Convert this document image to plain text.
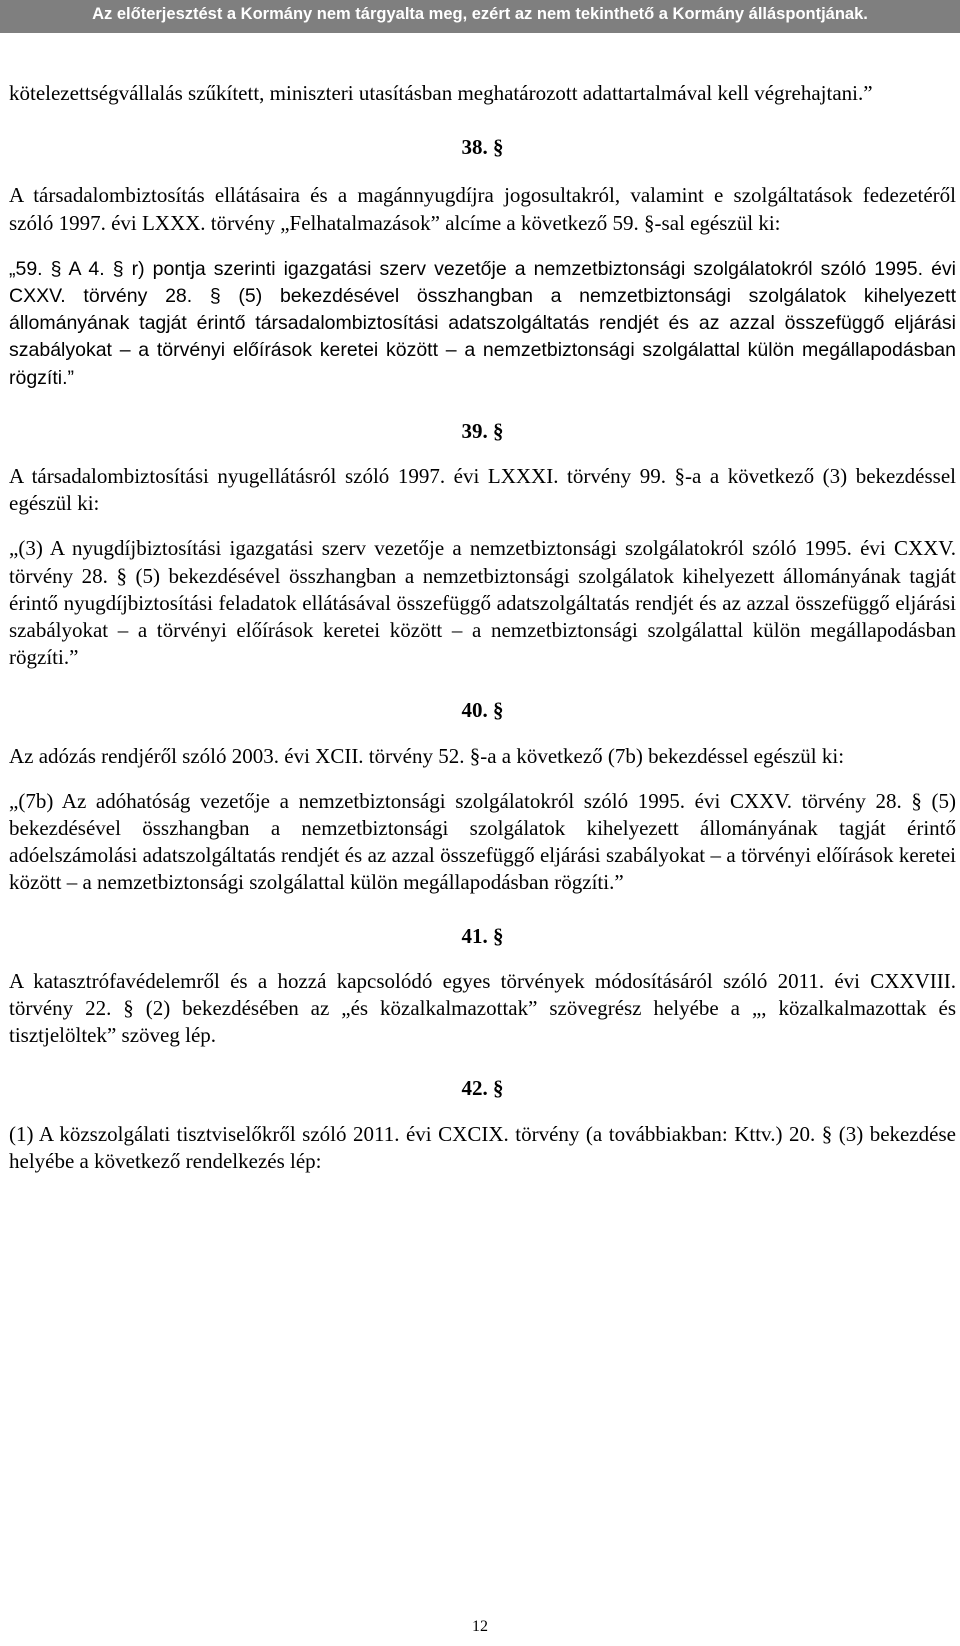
Az előterjesztést a Kormány nem tárgyalta meg, ezért az nem tekinthető a Kormány álláspontjának.

kötelezettségvállalás szűkített, miniszteri utasításban meghatározott adattartalmával kell végrehajtani.”

38. §

A társadalombiztosítás ellátásaira és a magánnyugdíjra jogosultakról, valamint e szolgáltatások fedezetéről szóló 1997. évi LXXX. törvény „Felhatalmazások” alcíme a következő 59. §-sal egészül ki:

„59. § A 4. § r) pontja szerinti igazgatási szerv vezetője a nemzetbiztonsági szolgálatokról szóló 1995. évi CXXV. törvény 28. § (5) bekezdésével összhangban a nemzetbiztonsági szolgálatok kihelyezett állományának tagját érintő társadalombiztosítási adatszolgáltatás rendjét és az azzal összefüggő eljárási szabályokat – a törvényi előírások keretei között – a nemzetbiztonsági szolgálattal külön megállapodásban rögzíti.”

39. §

A társadalombiztosítási nyugellátásról szóló 1997. évi LXXXI. törvény 99. §-a a következő (3) bekezdéssel egészül ki:

„(3) A nyugdíjbiztosítási igazgatási szerv vezetője a nemzetbiztonsági szolgálatokról szóló 1995. évi CXXV. törvény 28. § (5) bekezdésével összhangban a nemzetbiztonsági szolgálatok kihelyezett állományának tagját érintő nyugdíjbiztosítási feladatok ellátásával összefüggő adatszolgáltatás rendjét és az azzal összefüggő eljárási szabályokat – a törvényi előírások keretei között – a nemzetbiztonsági szolgálattal külön megállapodásban rögzíti.”

40. §

Az adózás rendjéről szóló 2003. évi XCII. törvény 52. §-a a következő (7b) bekezdéssel egészül ki:

„(7b) Az adóhatóság vezetője a nemzetbiztonsági szolgálatokról szóló 1995. évi CXXV. törvény 28. § (5) bekezdésével összhangban a nemzetbiztonsági szolgálatok kihelyezett állományának tagját érintő adóelszámolási adatszolgáltatás rendjét és az azzal összefüggő eljárási szabályokat – a törvényi előírások keretei között – a nemzetbiztonsági szolgálattal külön megállapodásban rögzíti.”

41. §

A katasztrófavédelemről és a hozzá kapcsolódó egyes törvények módosításáról szóló 2011. évi CXXVIII. törvény 22. § (2) bekezdésében az „és közalkalmazottak” szövegrész helyébe a „, közalkalmazottak és tisztjelöltek” szöveg lép.

42. §

(1) A közszolgálati tisztviselőkről szóló 2011. évi CXCIX. törvény (a továbbiakban: Kttv.) 20. § (3) bekezdése helyébe a következő rendelkezés lép:

12
